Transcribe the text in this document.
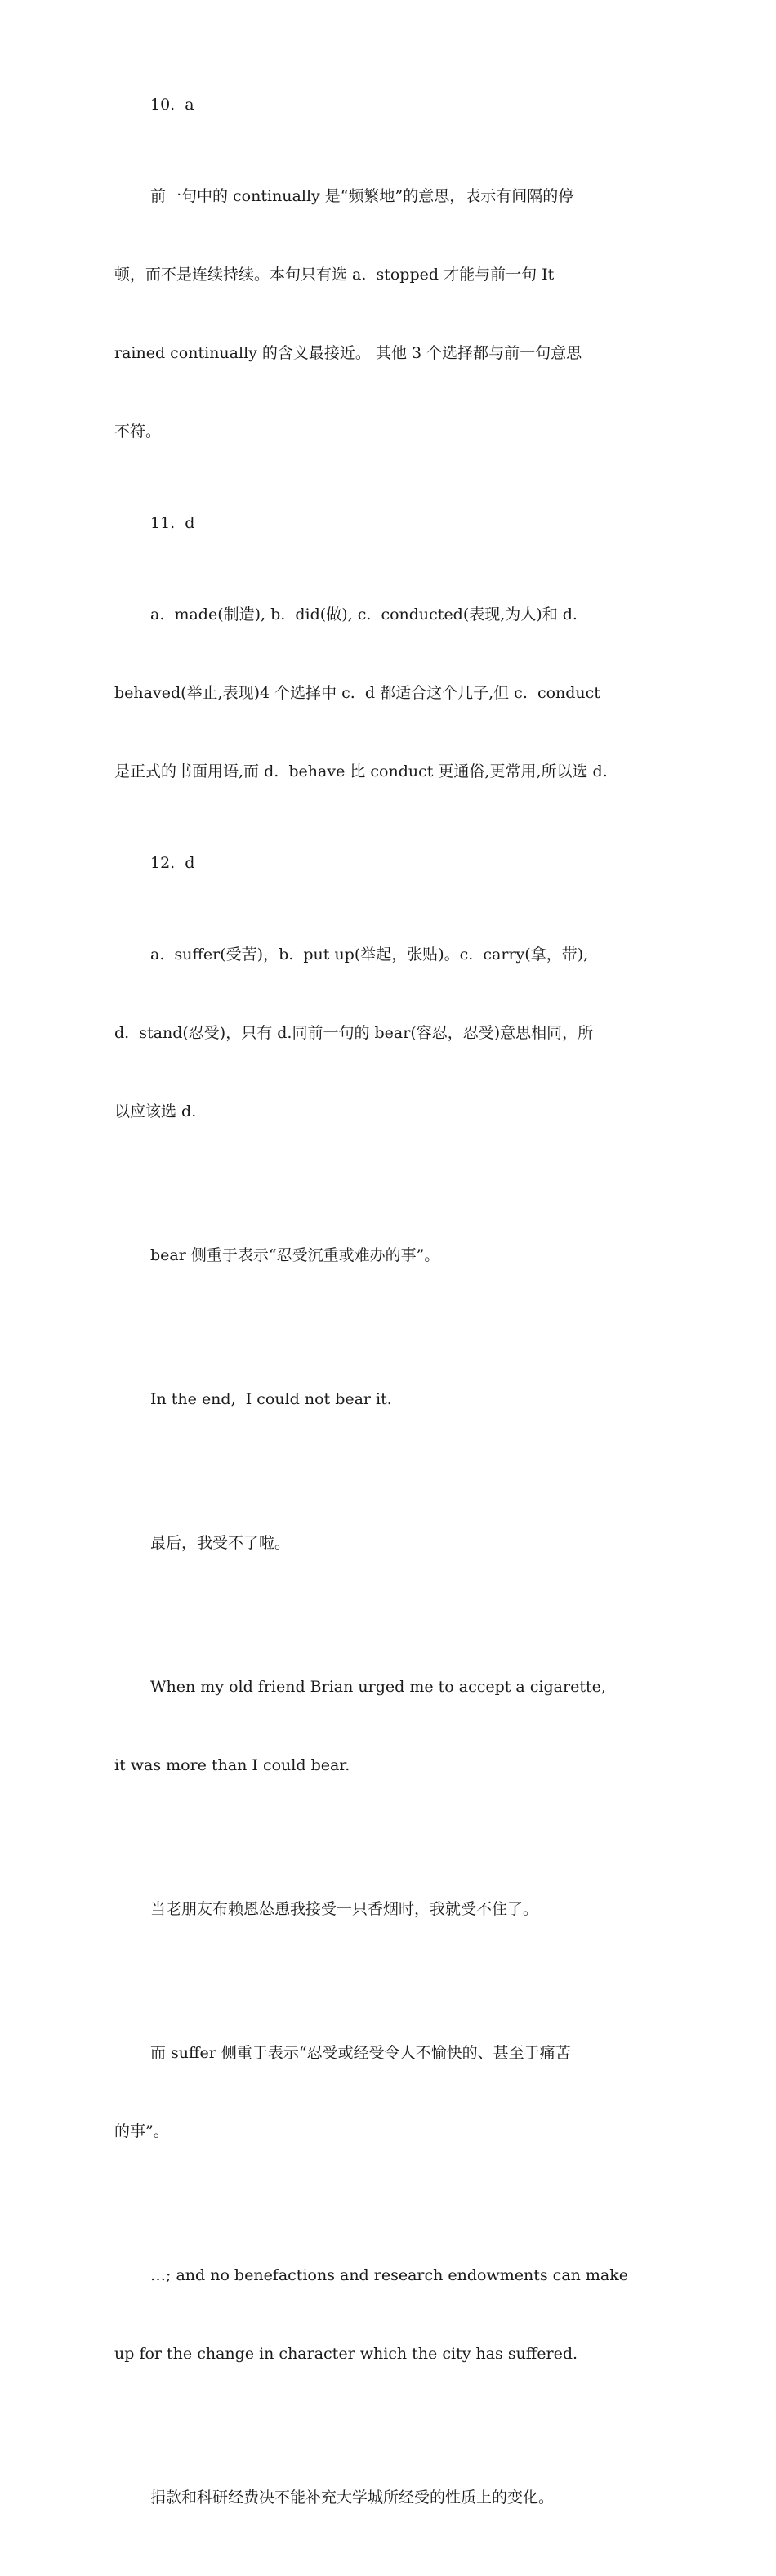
10.  a

前一句中的 continually 是“频繁地”的意思，表示有间隔的停

顿，而不是连续持续。本句只有选 a.  stopped 才能与前一句 It

rained continually 的含义最接近。 其他 3 个选择都与前一句意思

不符。

11.  d

a.  made(制造), b.  did(做), c.  conducted(表现,为人)和 d.

behaved(举止,表现)4 个选择中 c.  d 都适合这个几子,但 c.  conduct

是正式的书面用语,而 d.  behave 比 conduct 更通俗,更常用,所以选 d.

12.  d

a.  suffer(受苦)，b.  put up(举起，张贴)。c.  carry(拿，带),

d.  stand(忍受)，只有 d.同前一句的 bear(容忍，忍受)意思相同，所

以应该选 d.

bear 侧重于表示“忍受沉重或难办的事”。

In the end,  I could not bear it.

最后，我受不了啦。

When my old friend Brian urged me to accept a cigarette,

it was more than I could bear.

当老朋友布赖恩怂恿我接受一只香烟时，我就受不住了。

而 suffer 侧重于表示“忍受或经受令人不愉快的、甚至于痛苦

的事”。

…; and no benefactions and research endowments can make

up for the change in character which the city has suffered.

捐款和科研经费决不能补充大学城所经受的性质上的变化。
